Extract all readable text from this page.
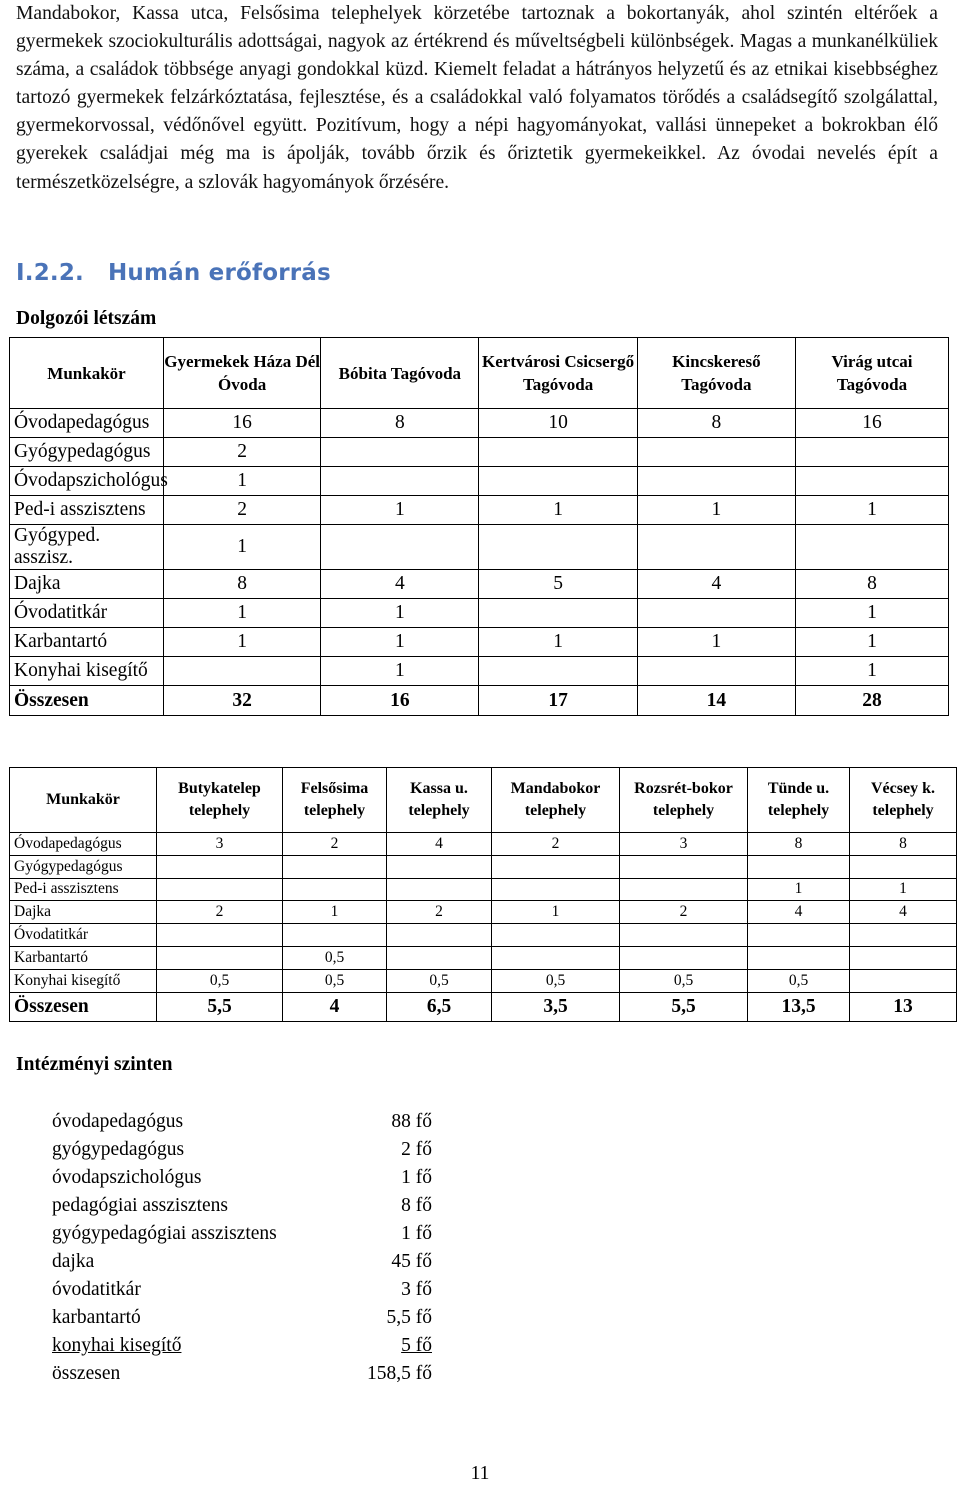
Mandabokor, Kassa utca, Felsősima telephelyek körzetébe tartoznak a bokortanyák, ahol szintén eltérőek a gyermekek szociokulturális adottságai, nagyok az értékrend és műveltségbeli különbségek. Magas a munkanélküliek száma, a családok többsége anyagi gondokkal küzd. Kiemelt feladat a hátrányos helyzetű és az etnikai kisebbséghez tartozó gyermekek felzárkóztatása, fejlesztése, és a családokkal való folyamatos törődés a családsegítő szolgálattal, gyermekorvossal, védőnővel együtt. Pozitívum, hogy a népi hagyományokat, vallási ünnepeket a bokrokban élő gyerekek családjai még ma is ápolják, tovább őrzik és őriztetik gyermekeikkel. Az óvodai nevelés épít a természetközelségre, a szlovák hagyományok őrzésére.
I.2.2. Humán erőforrás
Dolgozói létszám
Munkakör	Gyermekek Háza Dél Óvoda	Bóbita Tagóvoda	Kertvárosi Csicsergő Tagóvoda	Kincskereső Tagóvoda	Virág utcai Tagóvoda
Óvodapedagógus	16	8	10	8	16
Gyógypedagógus	2				
Óvodapszichológus	1				
Ped-i asszisztens	2	1	1	1	1
Gyógyped. asszisz.	1				
Dajka	8	4	5	4	8
Óvodatitkár	1	1			1
Karbantartó	1	1	1	1	1
Konyhai kisegítő		1			1
Összesen	32	16	17	14	28
Munkakör	Butykatelep telephely	Felsősima telephely	Kassa u. telephely	Mandabokor telephely	Rozsrét-bokor telephely	Tünde u. telephely	Vécsey k. telephely
Óvodapedagógus	3	2	4	2	3	8	8
Gyógypedagógus							
Ped-i asszisztens						1	1
Dajka	2	1	2	1	2	4	4
Óvodatitkár							
Karbantartó		0,5					
Konyhai kisegítő	0,5	0,5	0,5	0,5	0,5	0,5	
Összesen	5,5	4	6,5	3,5	5,5	13,5	13
Intézményi szinten
óvodapedagógus	88 fő
gyógypedagógus	2 fő
óvodapszichológus	1 fő
pedagógiai asszisztens	8 fő
gyógypedagógiai asszisztens	1 fő
dajka	45 fő
óvodatitkár	3 fő
karbantartó	5,5 fő
konyhai kisegítő	5 fő
összesen	158,5 fő
11
